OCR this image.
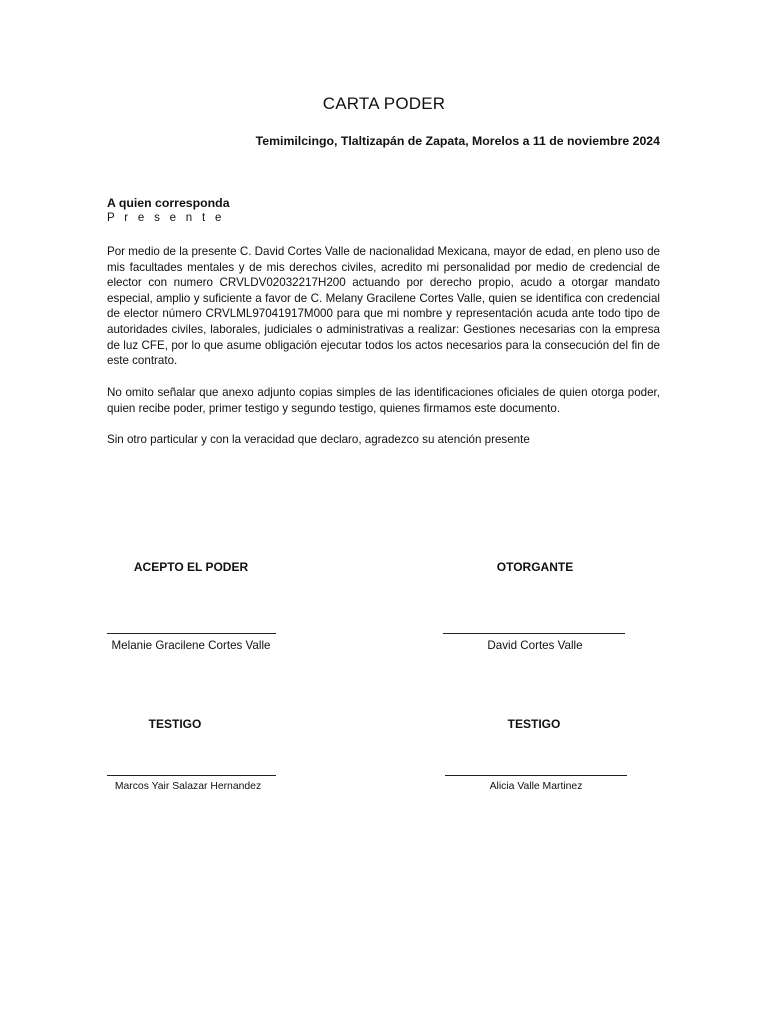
CARTA PODER
Temimilcingo, Tlaltizapán de Zapata, Morelos a 11 de noviembre 2024
A quien corresponda
P r e s e n t e

Por medio de la presente C. David Cortes Valle de nacionalidad Mexicana, mayor de edad, en pleno uso de mis facultades mentales y de mis derechos civiles, acredito mi personalidad por medio de credencial de elector con numero CRVLDV02032217H200 actuando por derecho propio, acudo a otorgar mandato especial, amplio y suficiente a favor de C. Melany Gracilene Cortes Valle, quien se identifica con credencial de elector número CRVLML97041917M000 para que mi nombre y representación acuda ante todo tipo de autoridades civiles, laborales, judiciales o administrativas a realizar: Gestiones necesarias con la empresa de luz CFE, por lo que asume obligación ejecutar todos los actos necesarios para la consecución del fin de este contrato.

No omito señalar que anexo adjunto copias simples de las identificaciones oficiales de quien otorga poder, quien recibe poder, primer testigo y segundo testigo, quienes firmamos este documento.

Sin otro particular y con la veracidad que declaro, agradezco su atención presente

ACEPTO EL PODER
Melanie Gracilene Cortes Valle
OTORGANTE
David Cortes Valle
TESTIGO
Marcos Yair Salazar Hernandez
TESTIGO
Alicia Valle Martinez
